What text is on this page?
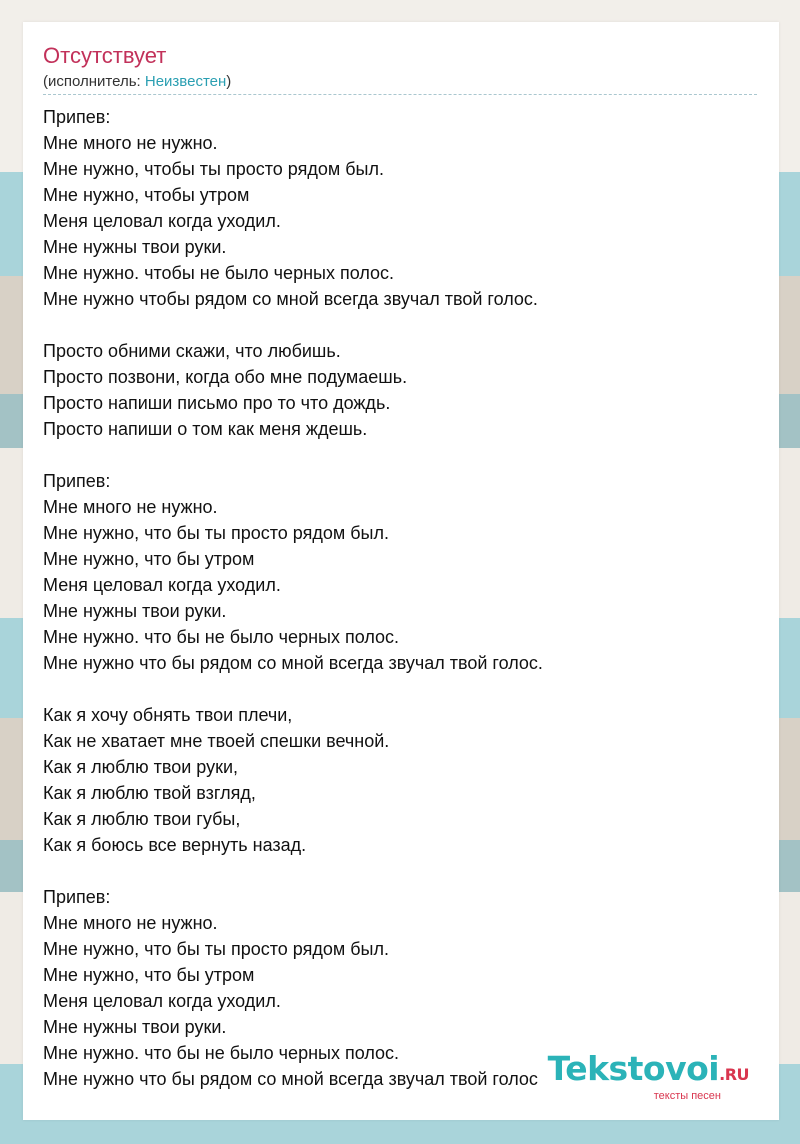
Отсутствует
(исполнитель: Неизвестен)
Припев:
Мне много не нужно.
Мне нужно, чтобы ты просто рядом был.
Мне нужно, чтобы утром
Меня целовал когда уходил.
Мне нужны твои руки.
Мне нужно. чтобы не было черных полос.
Мне нужно чтобы рядом со мной всегда звучал твой голос.
Просто обними скажи, что любишь.
Просто позвони, когда обо мне подумаешь.
Просто напиши письмо про то что дождь.
Просто напиши о том как меня ждешь.
Припев:
Мне много не нужно.
Мне нужно, что бы ты просто рядом был.
Мне нужно, что бы утром
Меня целовал когда уходил.
Мне нужны твои руки.
Мне нужно. что бы не было черных полос.
Мне нужно что бы рядом со мной всегда звучал твой голос.
Как я хочу обнять твои плечи,
Как не хватает мне твоей спешки вечной.
Как я люблю твои руки,
Как я люблю твой взгляд,
Как я люблю твои губы,
Как я боюсь все вернуть назад.
Припев:
Мне много не нужно.
Мне нужно, что бы ты просто рядом был.
Мне нужно, что бы утром
Меня целовал когда уходил.
Мне нужны твои руки.
Мне нужно. что бы не было черных полос.
Мне нужно что бы рядом со мной всегда звучал твой голос Tekstovoi.RU
тексты песен
